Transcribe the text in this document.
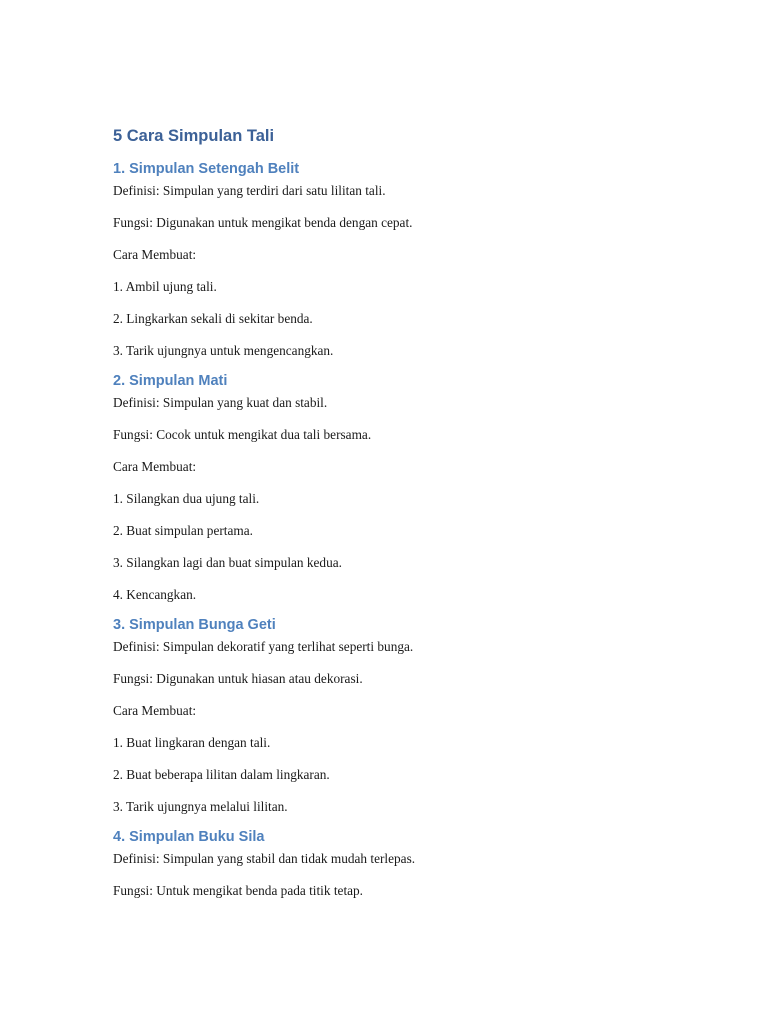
5 Cara Simpulan Tali
1. Simpulan Setengah Belit

Definisi: Simpulan yang terdiri dari satu lilitan tali.

Fungsi: Digunakan untuk mengikat benda dengan cepat.

Cara Membuat:

1. Ambil ujung tali.

2. Lingkarkan sekali di sekitar benda.

3. Tarik ujungnya untuk mengencangkan.

2. Simpulan Mati

Definisi: Simpulan yang kuat dan stabil.

Fungsi: Cocok untuk mengikat dua tali bersama.

Cara Membuat:

1. Silangkan dua ujung tali.

2. Buat simpulan pertama.

3. Silangkan lagi dan buat simpulan kedua.

4. Kencangkan.

3. Simpulan Bunga Geti

Definisi: Simpulan dekoratif yang terlihat seperti bunga.

Fungsi: Digunakan untuk hiasan atau dekorasi.

Cara Membuat:

1. Buat lingkaran dengan tali.

2. Buat beberapa lilitan dalam lingkaran.

3. Tarik ujungnya melalui lilitan.

4. Simpulan Buku Sila

Definisi: Simpulan yang stabil dan tidak mudah terlepas.

Fungsi: Untuk mengikat benda pada titik tetap.
